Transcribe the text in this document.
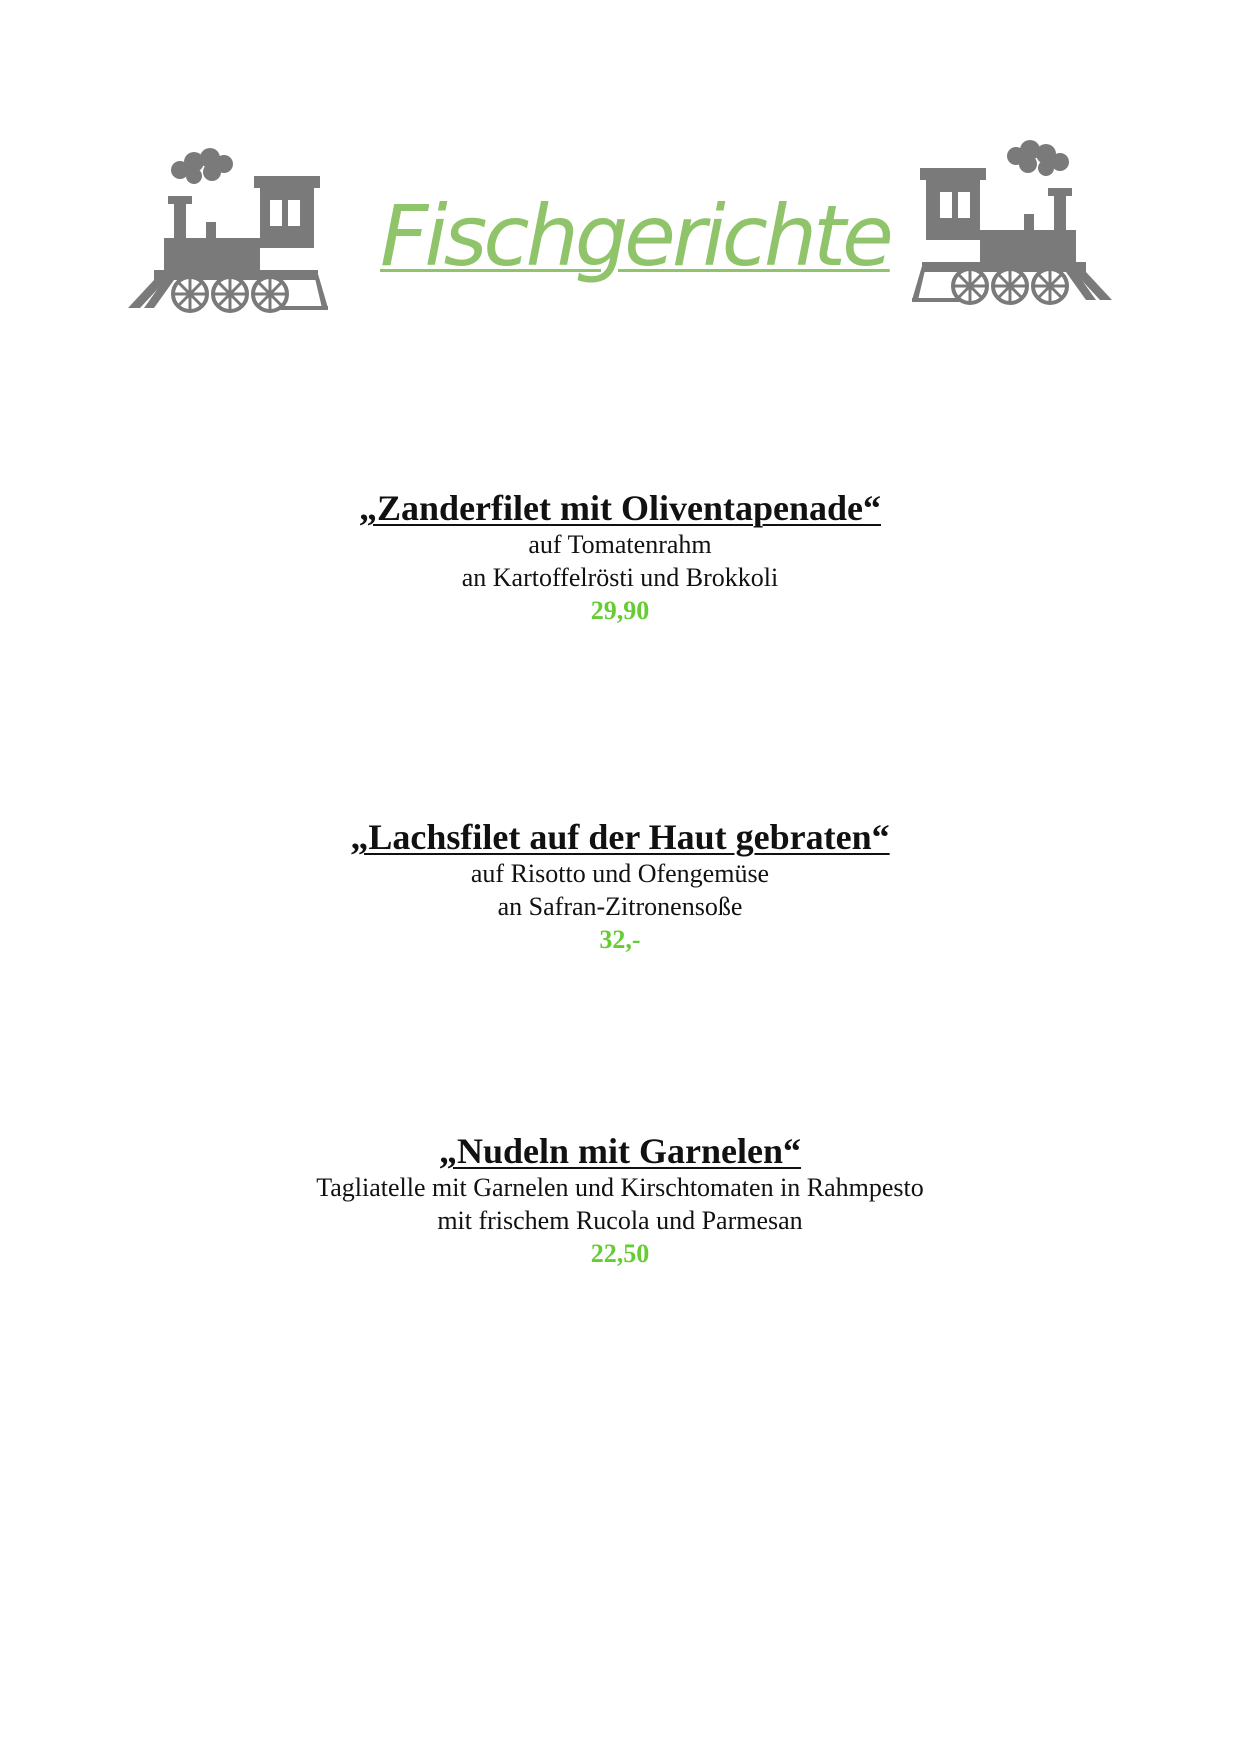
Fischgerichte
„Zanderfilet mit Oliventapenade“
auf Tomatenrahm
an Kartoffelrösti und Brokkoli
29,90
„Lachsfilet auf der Haut gebraten“
auf Risotto und Ofengemüse
an Safran-Zitronensoße
32,-
„Nudeln mit Garnelen“
Tagliatelle mit Garnelen und Kirschtomaten in Rahmpesto
mit frischem Rucola und Parmesan
22,50
